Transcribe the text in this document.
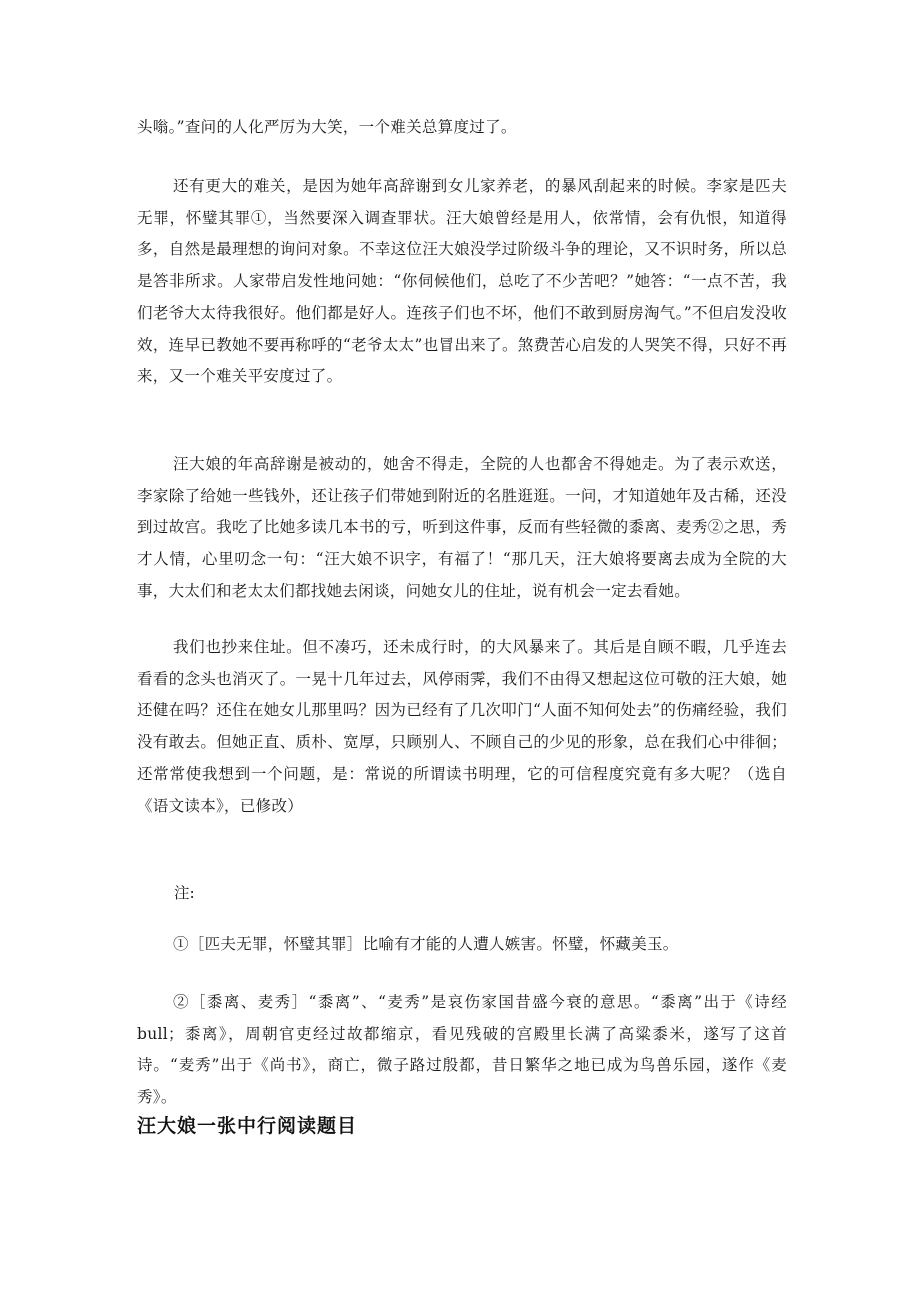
头嗡。”查问的人化严厉为大笑，一个难关总算度过了。

还有更大的难关，是因为她年高辞谢到女儿家养老，的暴风刮起来的时候。李家是匹夫无罪，怀璧其罪①，当然要深入调查罪状。汪大娘曾经是用人，依常情，会有仇恨，知道得多，自然是最理想的询问对象。不幸这位汪大娘没学过阶级斗争的理论，又不识时务，所以总是答非所求。人家带启发性地问她：“你伺候他们，总吃了不少苦吧？”她答：“一点不苦，我们老爷大太待我很好。他们都是好人。连孩子们也不坏，他们不敢到厨房淘气。”不但启发没收效，连早已教她不要再称呼的“老爷太太”也冒出来了。煞费苦心启发的人哭笑不得，只好不再来，又一个难关平安度过了。

汪大娘的年高辞谢是被动的，她舍不得走，全院的人也都舍不得她走。为了表示欢送，李家除了给她一些钱外，还让孩子们带她到附近的名胜逛逛。一问，才知道她年及古稀，还没到过故宫。我吃了比她多读几本书的亏，听到这件事，反而有些轻微的黍离、麦秀②之思，秀才人情，心里叨念一句：“汪大娘不识字，有福了！“那几天，汪大娘将要离去成为全院的大事，大太们和老太太们都找她去闲谈，问她女儿的住址，说有机会一定去看她。

我们也抄来住址。但不凑巧，还未成行时，的大风暴来了。其后是自顾不暇，几乎连去看看的念头也消灭了。一晃十几年过去，风停雨霁，我们不由得又想起这位可敬的汪大娘，她还健在吗？还住在她女儿那里吗？因为已经有了几次叩门“人面不知何处去”的伤痛经验，我们没有敢去。但她正直、质朴、宽厚，只顾别人、不顾自己的少见的形象，总在我们心中徘徊；还常常使我想到一个问题，是：常说的所谓读书明理，它的可信程度究竟有多大呢？（选自《语文读本》，已修改）

注:

①［匹夫无罪，怀璧其罪］比喻有才能的人遭人嫉害。怀璧，怀藏美玉。

②［黍离、麦秀］“黍离”、“麦秀”是哀伤家国昔盛今衰的意思。“黍离”出于《诗经bull；黍离》，周朝官吏经过故都缩京，看见残破的宫殿里长满了高粱黍米，遂写了这首诗。“麦秀”出于《尚书》，商亡，微子路过殷都，昔日繁华之地已成为鸟兽乐园，遂作《麦秀》。

汪大娘一张中行阅读题目
